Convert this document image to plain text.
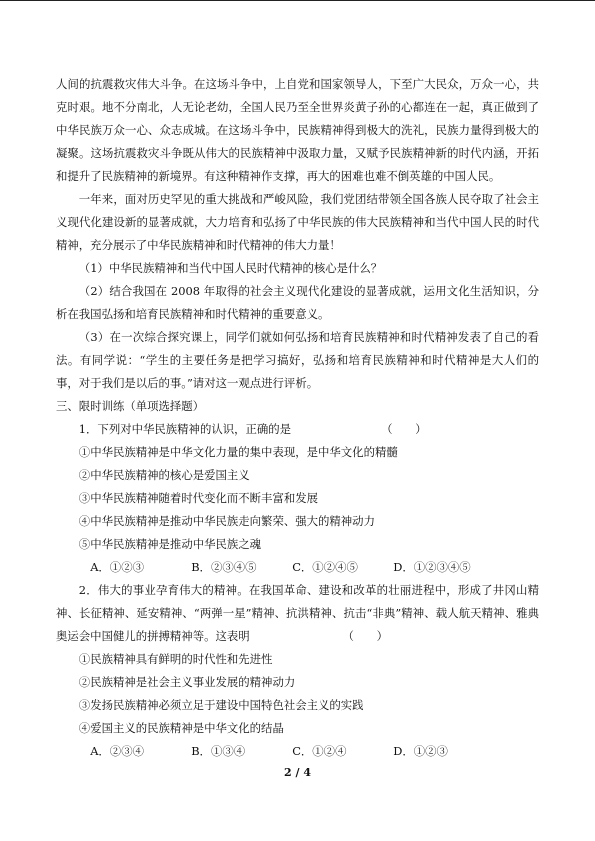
人间的抗震救灾伟大斗争。在这场斗争中，上自党和国家领导人，下至广大民众，万众一心，共克时艰。地不分南北，人无论老幼，全国人民乃至全世界炎黄子孙的心都连在一起，真正做到了中华民族万众一心、众志成城。在这场斗争中，民族精神得到极大的洗礼，民族力量得到极大的凝聚。这场抗震救灾斗争既从伟大的民族精神中汲取力量，又赋予民族精神新的时代内涵，开拓和提升了民族精神的新境界。有这种精神作支撑，再大的困难也难不倒英雄的中国人民。

一年来，面对历史罕见的重大挑战和严峻风险，我们党团结带领全国各族人民夺取了社会主义现代化建设新的显著成就，大力培育和弘扬了中华民族的伟大民族精神和当代中国人民的时代精神，充分展示了中华民族精神和时代精神的伟大力量！

（1）中华民族精神和当代中国人民时代精神的核心是什么？

（2）结合我国在 2008 年取得的社会主义现代化建设的显著成就，运用文化生活知识，分析在我国弘扬和培育民族精神和时代精神的重要意义。

（3）在一次综合探究课上，同学们就如何弘扬和培育民族精神和时代精神发表了自己的看法。有同学说：“学生的主要任务是把学习搞好，弘扬和培育民族精神和时代精神是大人们的事，对于我们是以后的事。”请对这一观点进行评析。

三、限时训练（单项选择题）

1．下列对中华民族精神的认识，正确的是	（　　）

①中华民族精神是中华文化力量的集中表现，是中华文化的精髓

②中华民族精神的核心是爱国主义

③中华民族精神随着时代变化而不断丰富和发展

④中华民族精神是推动中华民族走向繁荣、强大的精神动力

⑤中华民族精神是推动中华民族之魂

A．①②③	B．②③④⑤	C．①②④⑤	D．①②③④⑤

2．伟大的事业孕育伟大的精神。在我国革命、建设和改革的壮丽进程中，形成了井冈山精神、长征精神、延安精神、“两弹一星”精神、抗洪精神、抗击“非典”精神、载人航天精神、雅典奥运会中国健儿的拼搏精神等。这表明	（　　）

①民族精神具有鲜明的时代性和先进性

②民族精神是社会主义事业发展的精神动力

③发扬民族精神必须立足于建设中国特色社会主义的实践

④爱国主义的民族精神是中华文化的结晶

A．②③④	B．①③④	C．①②④	D．①②③

2 / 4
